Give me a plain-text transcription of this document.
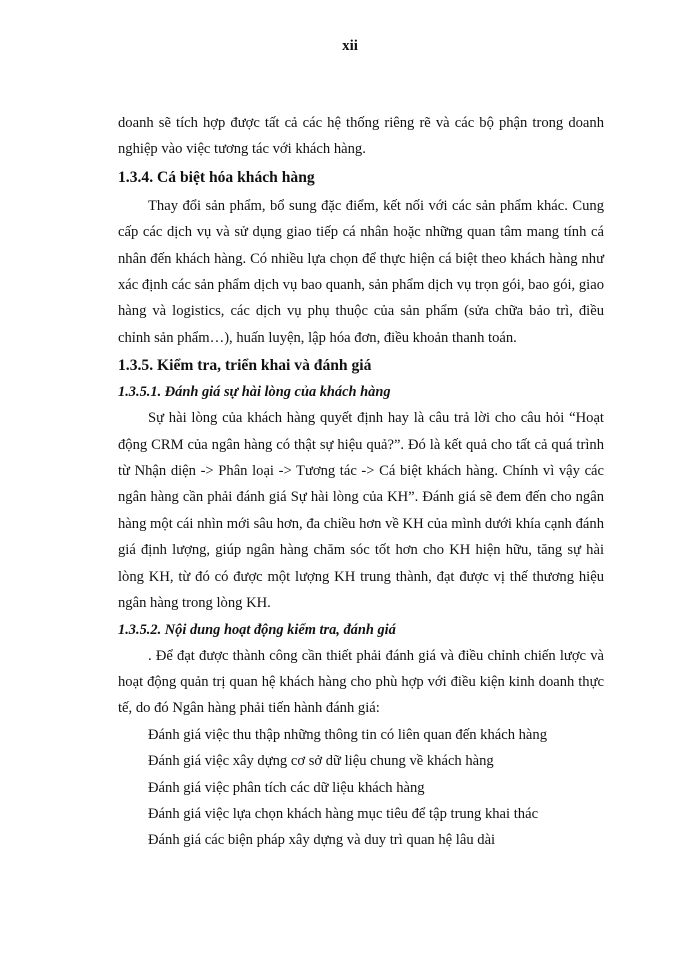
xii

doanh sẽ tích hợp được tất cả các hệ thống riêng rẽ và các bộ phận trong doanh nghiệp vào việc tương tác với khách hàng.

1.3.4. Cá biệt hóa khách hàng

Thay đổi sản phẩm, bổ sung đặc điểm, kết nối với các sản phẩm khác. Cung cấp các dịch vụ và sử dụng giao tiếp cá nhân hoặc những quan tâm mang tính cá nhân đến khách hàng. Có nhiều lựa chọn để thực hiện cá biệt theo khách hàng như xác định các sản phẩm dịch vụ bao quanh, sản phẩm dịch vụ trọn gói, bao gói, giao hàng và logistics, các dịch vụ phụ thuộc của sản phẩm (sửa chữa bảo trì, điều chỉnh sản phẩm…), huấn luyện, lập hóa đơn, điều khoản thanh toán.

1.3.5. Kiểm tra, triển khai và đánh giá
1.3.5.1. Đánh giá sự hài lòng của khách hàng

Sự hài lòng của khách hàng quyết định hay là câu trả lời cho câu hỏi “Hoạt động CRM của ngân hàng có thật sự hiệu quả?”. Đó là kết quả cho tất cả quá trình từ Nhận diện -> Phân loại -> Tương tác -> Cá biệt khách hàng. Chính vì vậy các ngân hàng cần phải đánh giá Sự hài lòng của KH”. Đánh giá sẽ đem đến cho ngân hàng một cái nhìn mới sâu hơn, đa chiều hơn về KH của mình dưới khía cạnh đánh giá định lượng, giúp ngân hàng chăm sóc tốt hơn cho KH hiện hữu, tăng sự hài lòng KH, từ đó có được một lượng KH trung thành, đạt được vị thế thương hiệu ngân hàng trong lòng KH.

1.3.5.2. Nội dung hoạt động kiểm tra, đánh giá

. Để đạt được thành công cần thiết phải đánh giá và điều chỉnh chiến lược và hoạt động quản trị quan hệ khách hàng cho phù hợp với điều kiện kinh doanh thực tế, do đó Ngân hàng phải tiến hành đánh giá:

Đánh giá việc thu thập những thông tin có liên quan đến khách hàng
Đánh giá việc xây dựng cơ sở dữ liệu chung về khách hàng
Đánh giá việc phân tích các dữ liệu khách hàng
Đánh giá việc lựa chọn khách hàng mục tiêu để tập trung khai thác
Đánh giá các biện pháp xây dựng và duy trì quan hệ lâu dài
